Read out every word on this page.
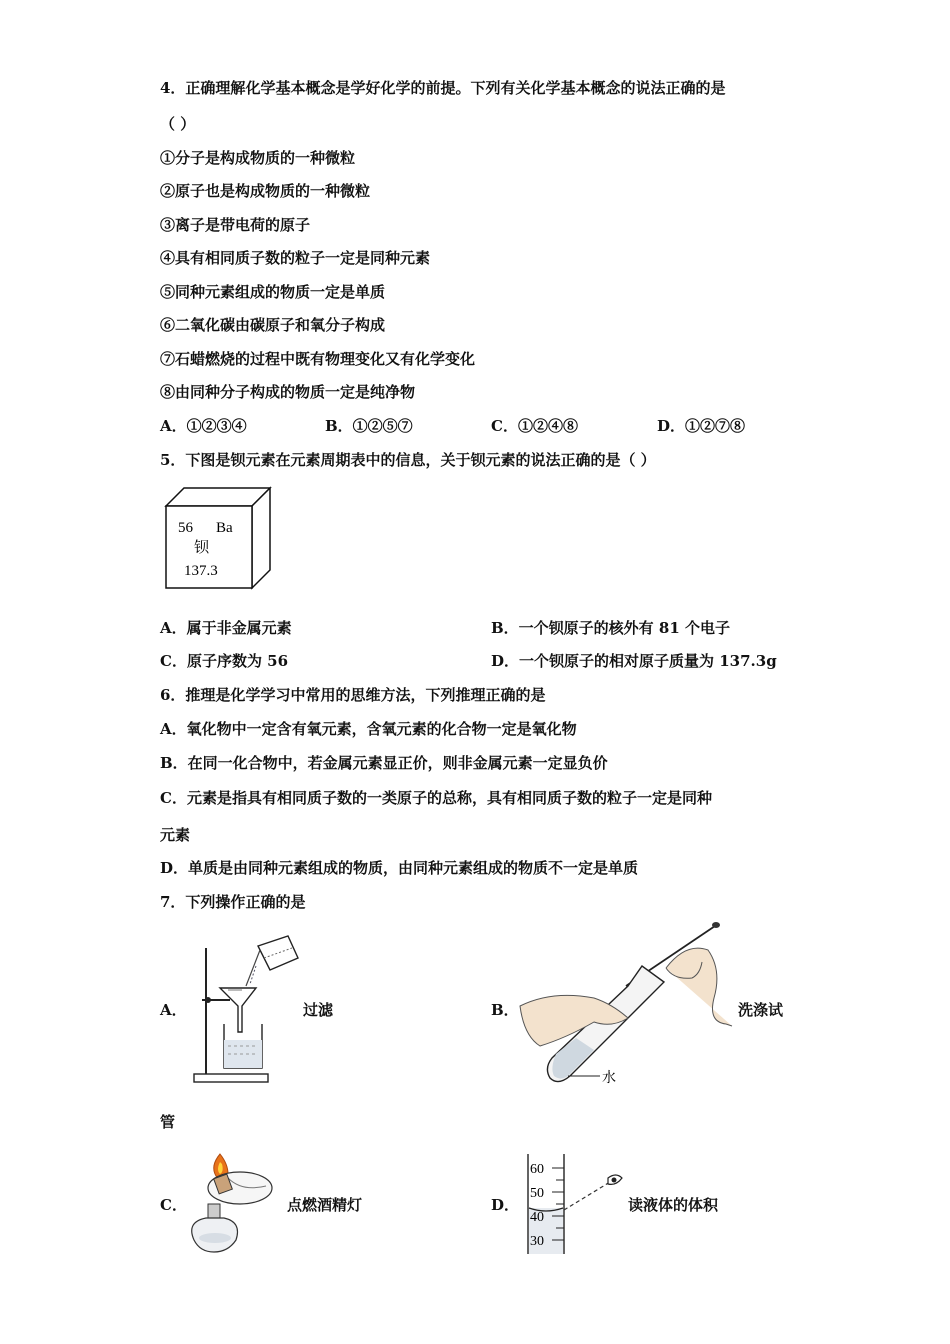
4．正确理解化学基本概念是学好化学的前提。下列有关化学基本概念的说法正确的是
（ ）
①分子是构成物质的一种微粒
②原子也是构成物质的一种微粒
③离子是带电荷的原子
④具有相同质子数的粒子一定是同种元素
⑤同种元素组成的物质一定是单质
⑥二氧化碳由碳原子和氧分子构成
⑦石蜡燃烧的过程中既有物理变化又有化学变化
⑧由同种分子构成的物质一定是纯净物
A．①②③④	B．①②⑤⑦	C．①②④⑧	D．①②⑦⑧
5．下图是钡元素在元素周期表中的信息，关于钡元素的说法正确的是（ ）
56 Ba
钡
137.3
A．属于非金属元素	B．一个钡原子的核外有 81 个电子
C．原子序数为 56	D．一个钡原子的相对原子质量为 137.3g
6．推理是化学学习中常用的思维方法，下列推理正确的是
A．氧化物中一定含有氧元素，含氧元素的化合物一定是氧化物
B．在同一化合物中，若金属元素显正价，则非金属元素一定显负价
C．元素是指具有相同质子数的一类原子的总称，具有相同质子数的粒子一定是同种
元素
D．单质是由同种元素组成的物质，由同种元素组成的物质不一定是单质
7．下列操作正确的是
A．	过滤	B．
水
洗涤试
管
C．	点燃酒精灯	D．
60
50
40
30
读液体的体积
